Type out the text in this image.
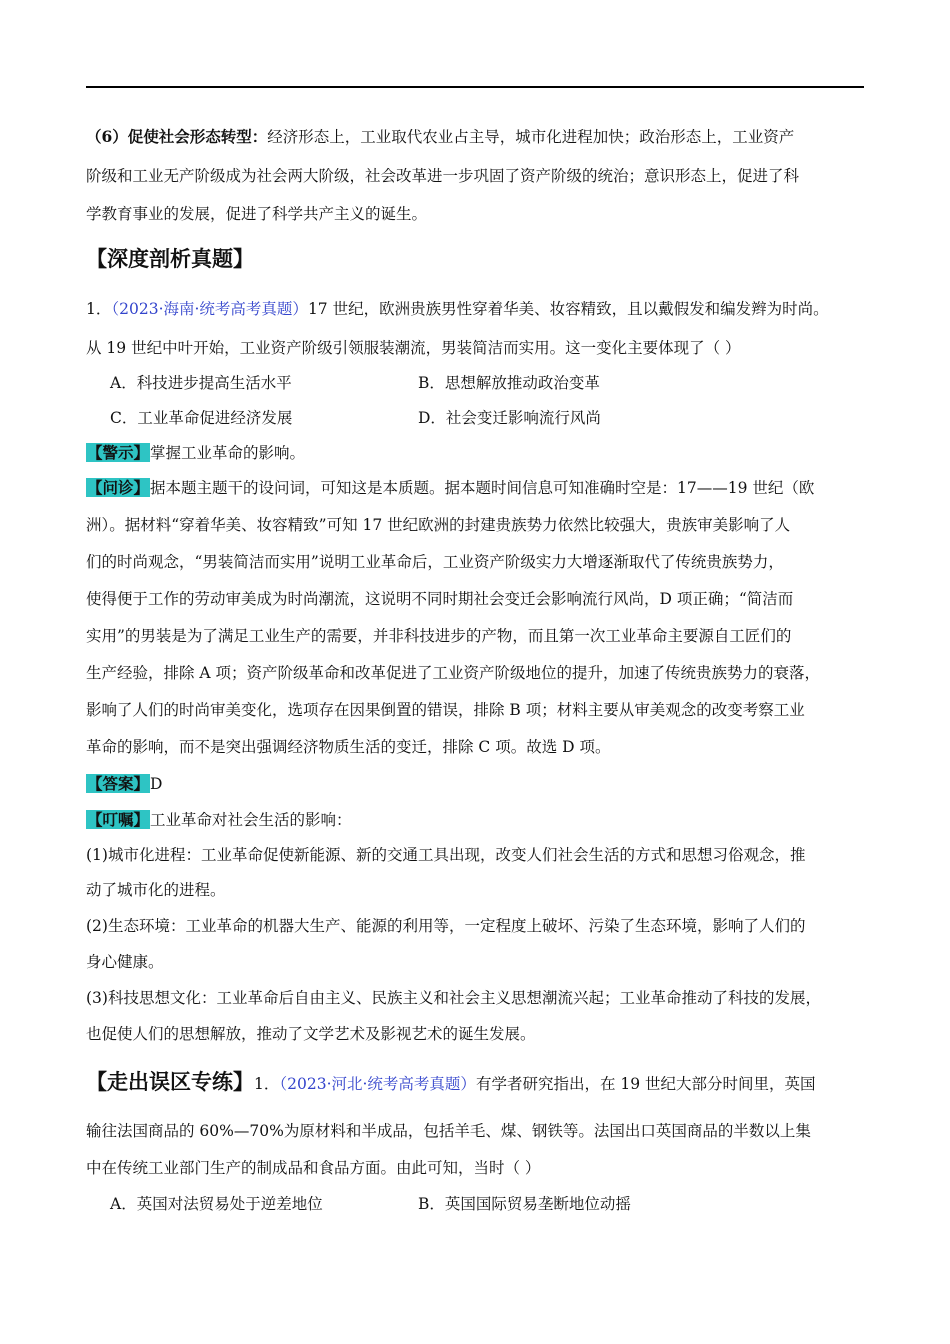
（6）促使社会形态转型：经济形态上，工业取代农业占主导，城市化进程加快；政治形态上，工业资产
阶级和工业无产阶级成为社会两大阶级，社会改革进一步巩固了资产阶级的统治；意识形态上，促进了科
学教育事业的发展，促进了科学共产主义的诞生。
【深度剖析真题】
1．（2023·海南·统考高考真题）17 世纪，欧洲贵族男性穿着华美、妆容精致，且以戴假发和编发辫为时尚。
从 19 世纪中叶开始，工业资产阶级引领服装潮流，男装简洁而实用。这一变化主要体现了（ ）
A．科技进步提高生活水平	B．思想解放推动政治变革
C．工业革命促进经济发展	D．社会变迁影响流行风尚
【警示】掌握工业革命的影响。
【问诊】据本题主题干的设问词，可知这是本质题。据本题时间信息可知准确时空是：17——19 世纪（欧
洲）。据材料“穿着华美、妆容精致”可知 17 世纪欧洲的封建贵族势力依然比较强大，贵族审美影响了人
们的时尚观念，“男装简洁而实用”说明工业革命后，工业资产阶级实力大增逐渐取代了传统贵族势力，
使得便于工作的劳动审美成为时尚潮流，这说明不同时期社会变迁会影响流行风尚，D 项正确；“简洁而
实用”的男装是为了满足工业生产的需要，并非科技进步的产物，而且第一次工业革命主要源自工匠们的
生产经验，排除 A 项；资产阶级革命和改革促进了工业资产阶级地位的提升，加速了传统贵族势力的衰落，
影响了人们的时尚审美变化，选项存在因果倒置的错误，排除 B 项；材料主要从审美观念的改变考察工业
革命的影响，而不是突出强调经济物质生活的变迁，排除 C 项。故选 D 项。
【答案】D
【叮嘱】工业革命对社会生活的影响：
(1)城市化进程：工业革命促使新能源、新的交通工具出现，改变人们社会生活的方式和思想习俗观念，推
动了城市化的进程。
(2)生态环境：工业革命的机器大生产、能源的利用等，一定程度上破坏、污染了生态环境，影响了人们的
身心健康。
(3)科技思想文化：工业革命后自由主义、民族主义和社会主义思想潮流兴起；工业革命推动了科技的发展，
也促使人们的思想解放，推动了文学艺术及影视艺术的诞生发展。
【走出误区专练】1．（2023·河北·统考高考真题）有学者研究指出，在 19 世纪大部分时间里，英国
输往法国商品的 60%—70%为原材料和半成品，包括羊毛、煤、钢铁等。法国出口英国商品的半数以上集
中在传统工业部门生产的制成品和食品方面。由此可知，当时（ ）
A．英国对法贸易处于逆差地位	B．英国国际贸易垄断地位动摇
